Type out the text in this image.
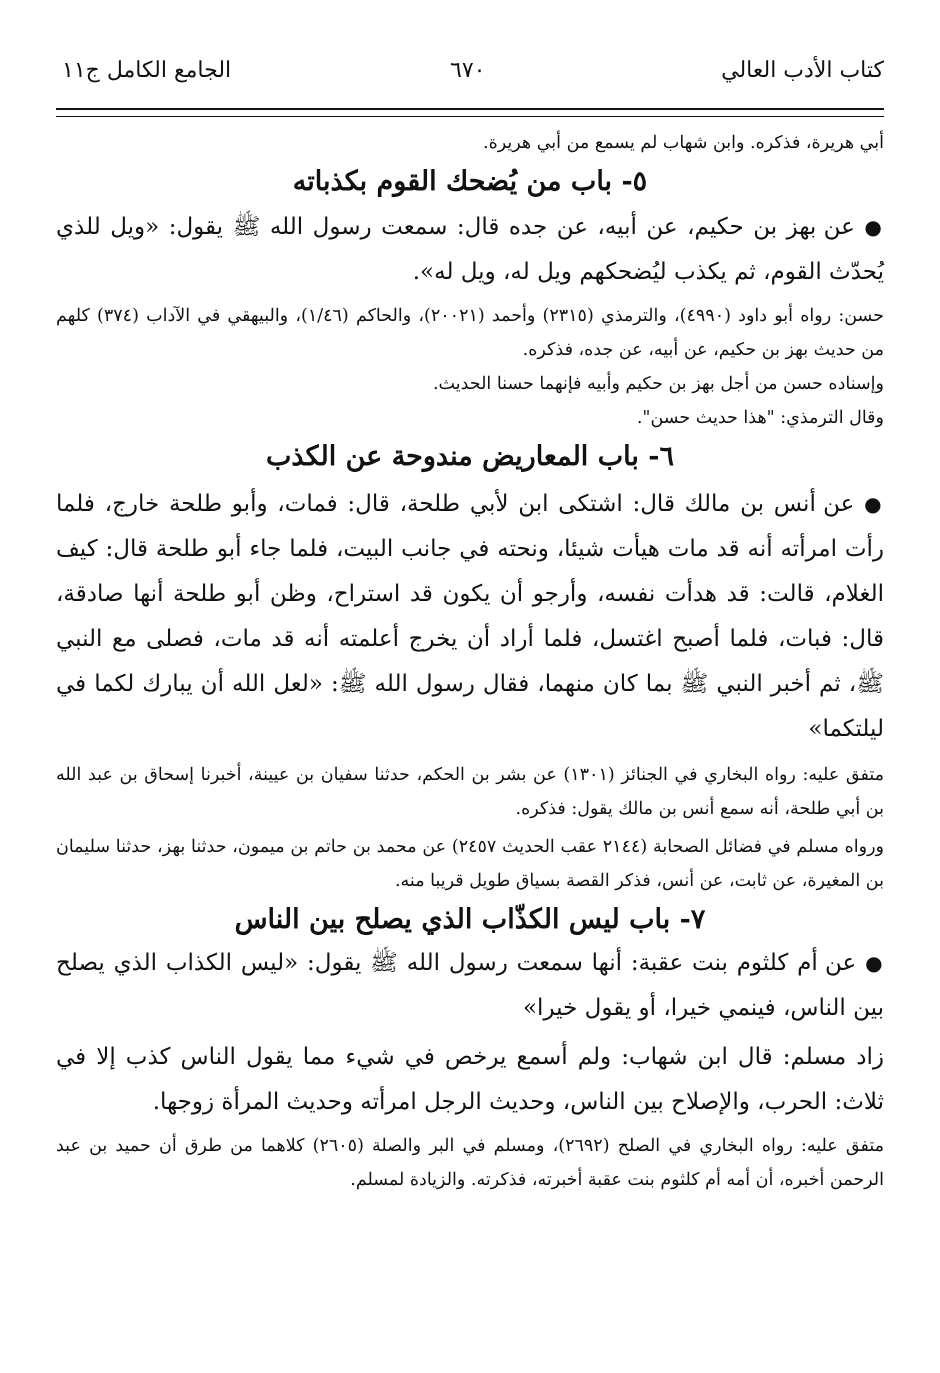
كتاب الأدب العالي
٦٧٠
الجامع الكامل ج١١

أبي هريرة، فذكره. وابن شهاب لم يسمع من أبي هريرة.

٥- باب من يُضحك القوم بكذباته

● عن بهز بن حكيم، عن أبيه، عن جده قال: سمعت رسول الله ﷺ يقول: «ويل للذي يُحدّث القوم، ثم يكذب ليُضحكهم ويل له، ويل له».

حسن: رواه أبو داود (٤٩٩٠)، والترمذي (٢٣١٥) وأحمد (٢٠٠٢١)، والحاكم (١/٤٦)، والبيهقي في الآداب (٣٧٤) كلهم من حديث بهز بن حكيم، عن أبيه، عن جده، فذكره.

وإسناده حسن من أجل بهز بن حكيم وأبيه فإنهما حسنا الحديث.

وقال الترمذي: "هذا حديث حسن".

٦- باب المعاريض مندوحة عن الكذب

● عن أنس بن مالك قال: اشتكى ابن لأبي طلحة، قال: فمات، وأبو طلحة خارج، فلما رأت امرأته أنه قد مات هيأت شيئا، ونحته في جانب البيت، فلما جاء أبو طلحة قال: كيف الغلام، قالت: قد هدأت نفسه، وأرجو أن يكون قد استراح، وظن أبو طلحة أنها صادقة، قال: فبات، فلما أصبح اغتسل، فلما أراد أن يخرج أعلمته أنه قد مات، فصلى مع النبي ﷺ، ثم أخبر النبي ﷺ بما كان منهما، فقال رسول الله ﷺ: «لعل الله أن يبارك لكما في ليلتكما»

متفق عليه: رواه البخاري في الجنائز (١٣٠١) عن بشر بن الحكم، حدثنا سفيان بن عيينة، أخبرنا إسحاق بن عبد الله بن أبي طلحة، أنه سمع أنس بن مالك يقول: فذكره.

ورواه مسلم في فضائل الصحابة (٢١٤٤ عقب الحديث ٢٤٥٧) عن محمد بن حاتم بن ميمون، حدثنا بهز، حدثنا سليمان بن المغيرة، عن ثابت، عن أنس، فذكر القصة بسياق طويل قريبا منه.

٧- باب ليس الكذّاب الذي يصلح بين الناس

● عن أم كلثوم بنت عقبة: أنها سمعت رسول الله ﷺ يقول: «ليس الكذاب الذي يصلح بين الناس، فينمي خيرا، أو يقول خيرا»

زاد مسلم: قال ابن شهاب: ولم أسمع يرخص في شيء مما يقول الناس كذب إلا في ثلاث: الحرب، والإصلاح بين الناس، وحديث الرجل امرأته وحديث المرأة زوجها.

متفق عليه: رواه البخاري في الصلح (٢٦٩٢)، ومسلم في البر والصلة (٢٦٠٥) كلاهما من طرق أن حميد بن عبد الرحمن أخبره، أن أمه أم كلثوم بنت عقبة أخبرته، فذكرته. والزيادة لمسلم.
